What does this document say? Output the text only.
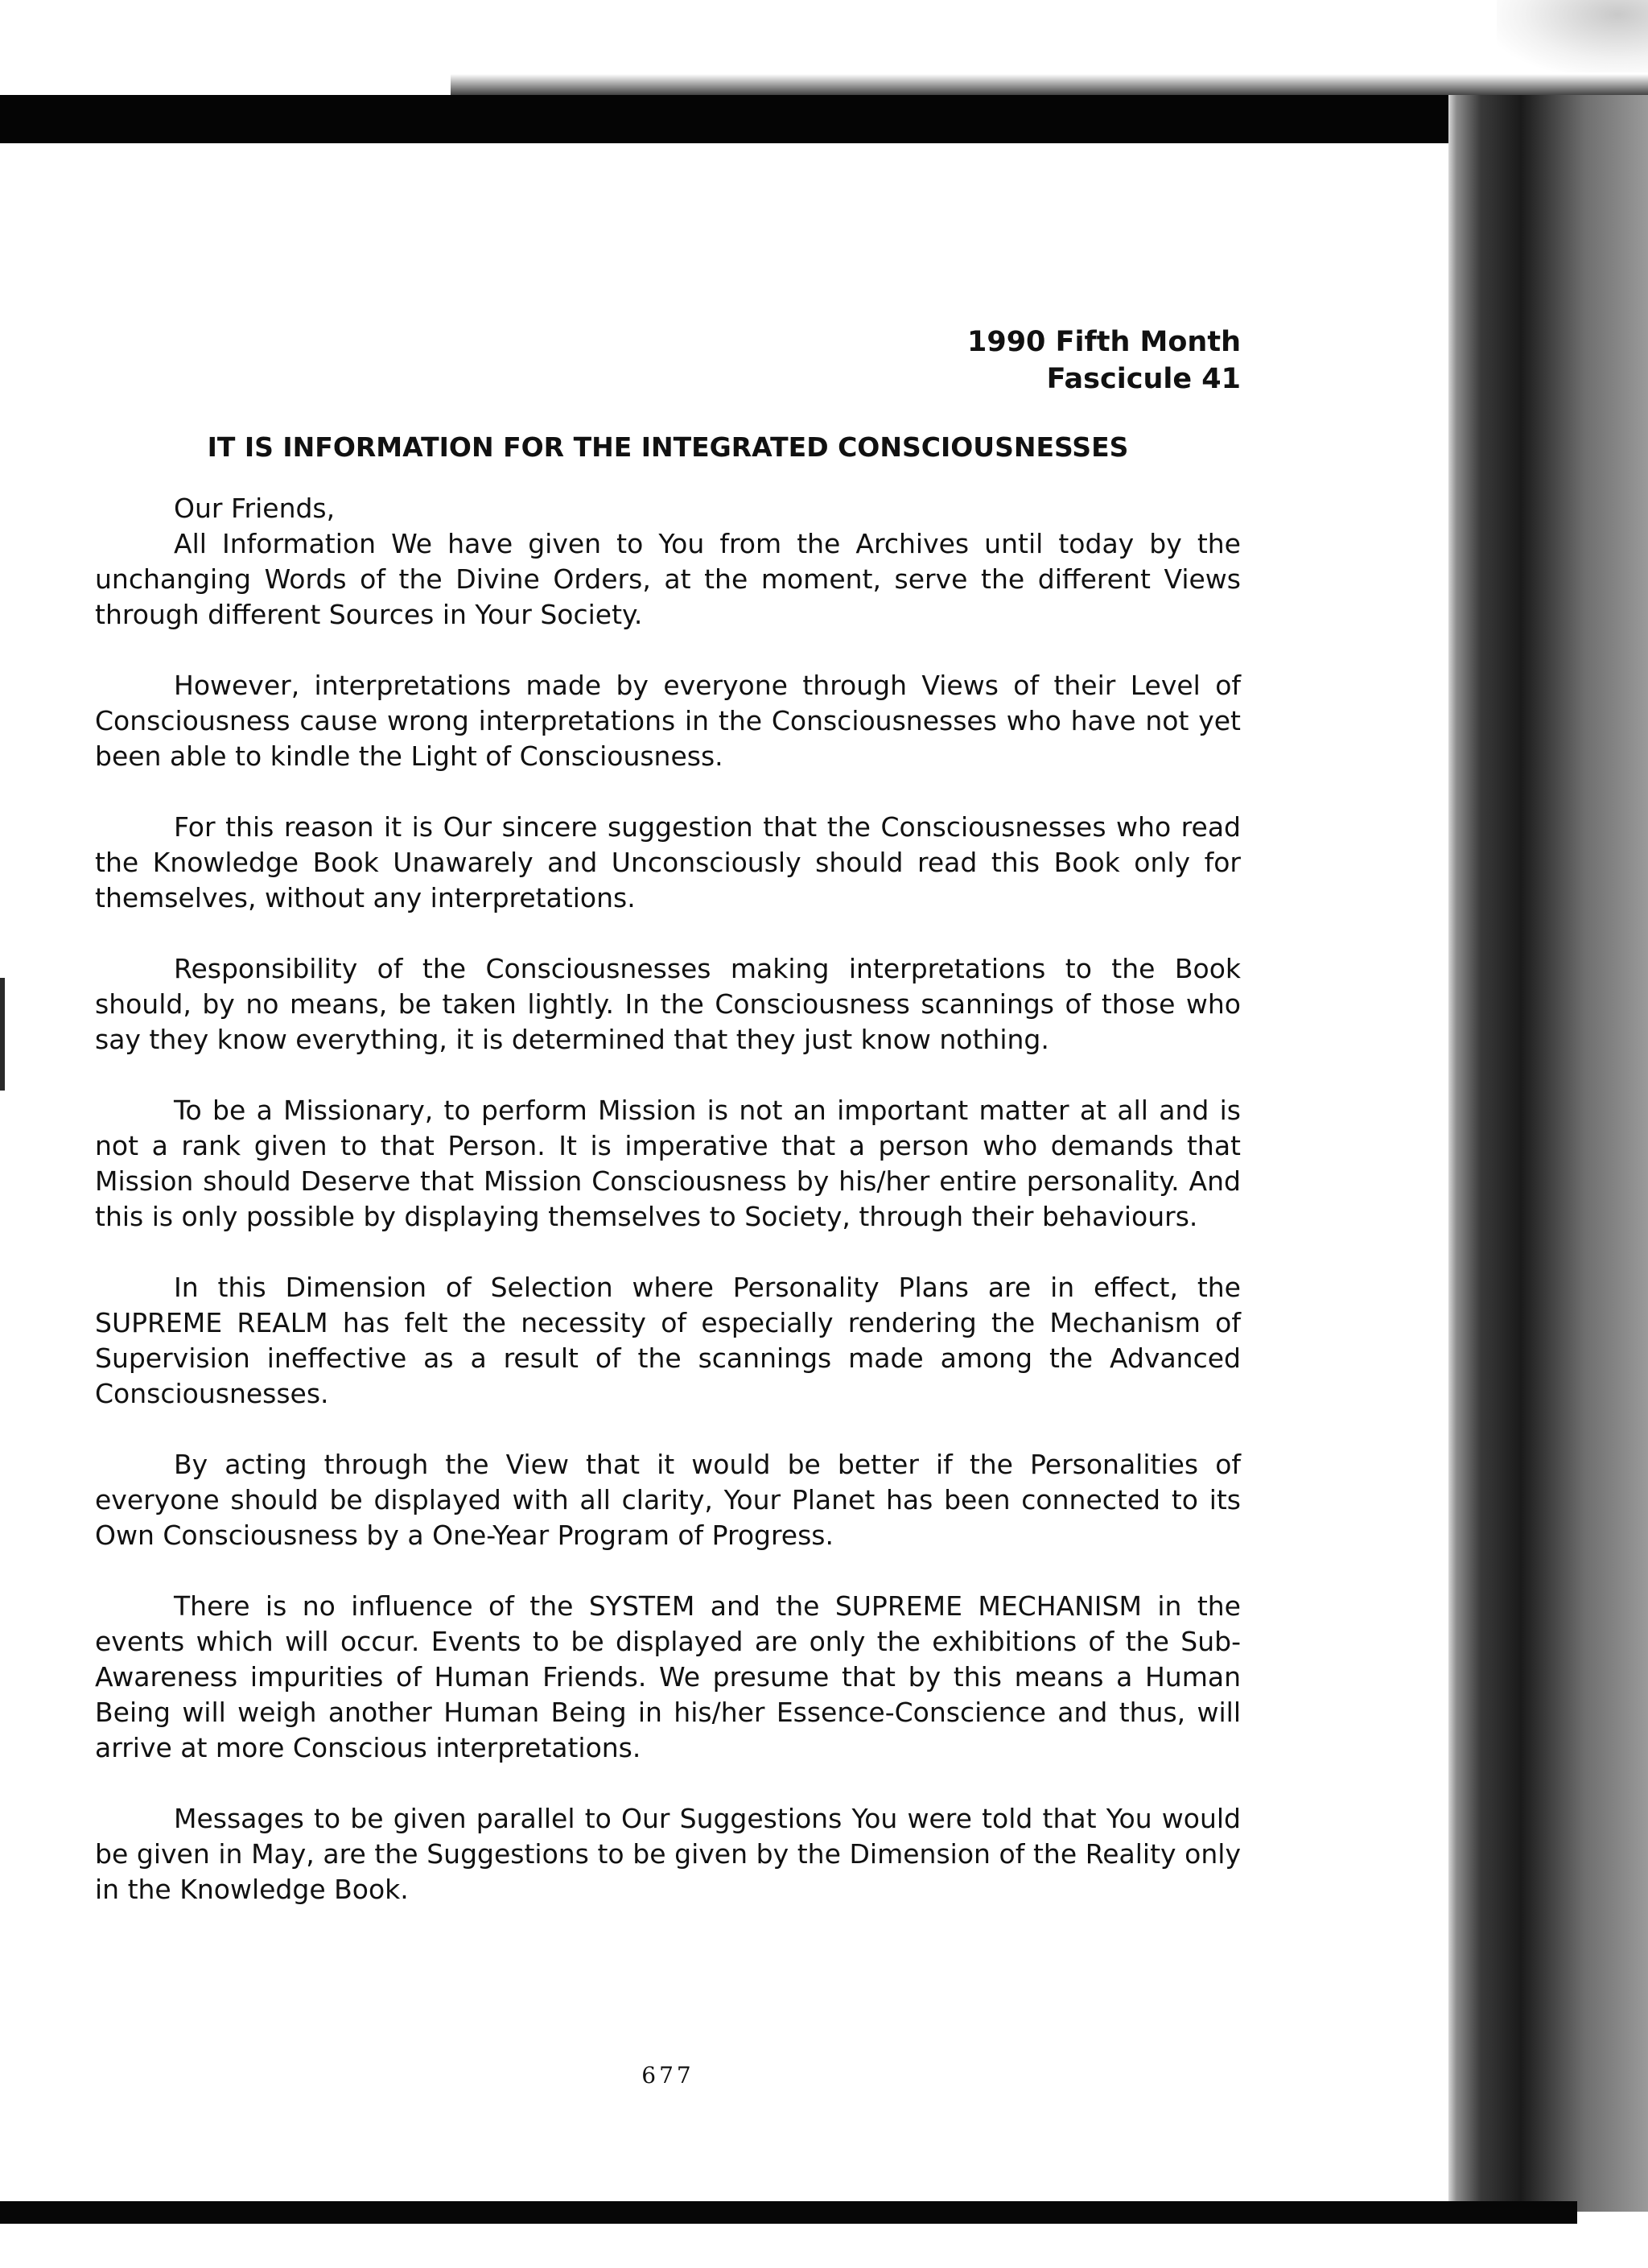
1990 Fifth Month
Fascicule 41
IT IS INFORMATION FOR THE INTEGRATED CONSCIOUSNESSES
Our Friends,

All Information We have given to You from the Archives until today by the unchanging Words of the Divine Orders, at the moment, serve the different Views through different Sources in Your Society.

However, interpretations made by everyone through Views of their Level of Consciousness cause wrong interpretations in the Consciousnesses who have not yet been able to kindle the Light of Consciousness.

For this reason it is Our sincere suggestion that the Consciousnesses who read the Knowledge Book Unawarely and Unconsciously should read this Book only for themselves, without any interpretations.

Responsibility of the Consciousnesses making interpretations to the Book should, by no means, be taken lightly. In the Consciousness scannings of those who say they know everything, it is determined that they just know nothing.

To be a Missionary, to perform Mission is not an important matter at all and is not a rank given to that Person. It is imperative that a person who demands that Mission should Deserve that Mission Consciousness by his/her entire personality. And this is only possible by displaying themselves to Society, through their behaviours.

In this Dimension of Selection where Personality Plans are in effect, the SUPREME REALM has felt the necessity of especially rendering the Mechanism of Supervision ineffective as a result of the scannings made among the Advanced Consciousnesses.

By acting through the View that it would be better if the Personalities of everyone should be displayed with all clarity, Your Planet has been connected to its Own Consciousness by a One-Year Program of Progress.

There is no influence of the SYSTEM and the SUPREME MECHANISM in the events which will occur. Events to be displayed are only the exhibitions of the Sub-Awareness impurities of Human Friends. We presume that by this means a Human Being will weigh another Human Being in his/her Essence-Conscience and thus, will arrive at more Conscious interpretations.

Messages to be given parallel to Our Suggestions You were told that You would be given in May, are the Suggestions to be given by the Dimension of the Reality only in the Knowledge Book.

677
